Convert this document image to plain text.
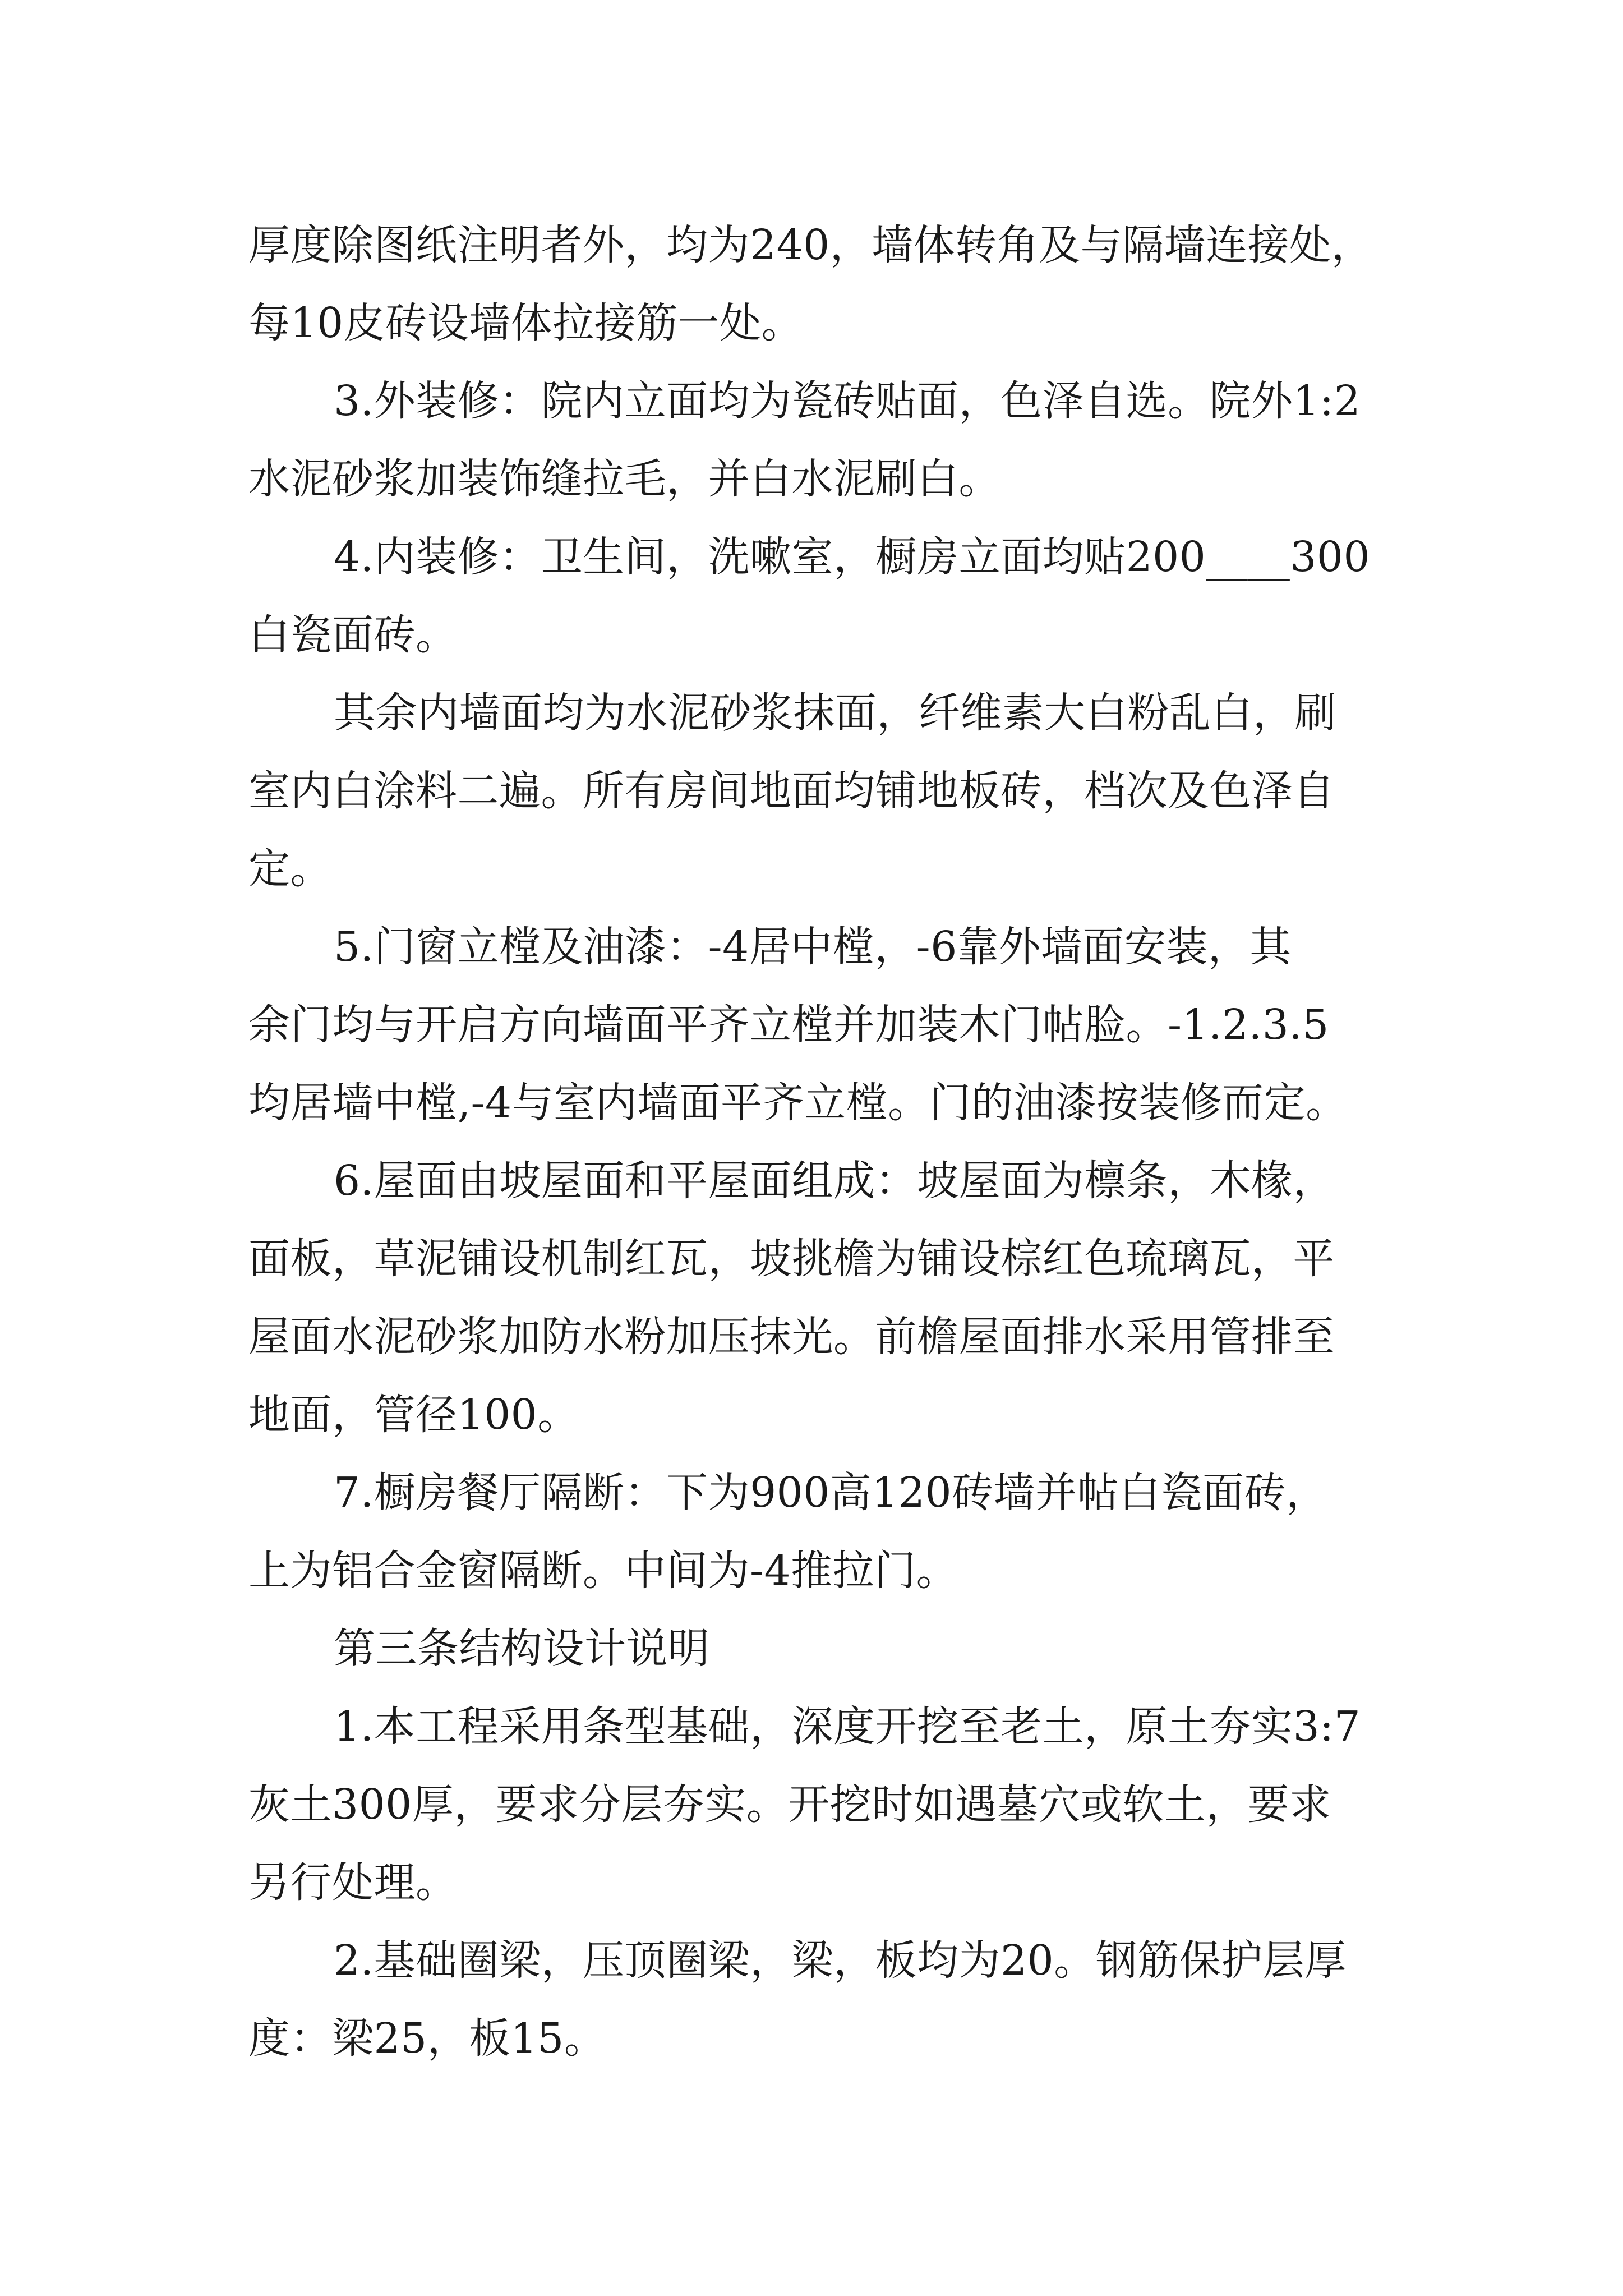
厚度除图纸注明者外，均为240，墙体转角及与隔墙连接处，
每10皮砖设墙体拉接筋一处。

3.外装修：院内立面均为瓷砖贴面，色泽自选。院外1:2
水泥砂浆加装饰缝拉毛，并白水泥刷白。

4.内装修：卫生间，洗嗽室，橱房立面均贴200____300
白瓷面砖。

其余内墙面均为水泥砂浆抹面，纤维素大白粉乱白，刷
室内白涂料二遍。所有房间地面均铺地板砖，档次及色泽自
定。

5.门窗立樘及油漆：-4居中樘，-6靠外墙面安装，其
余门均与开启方向墙面平齐立樘并加装木门帖脸。-1.2.3.5
均居墙中樘,-4与室内墙面平齐立樘。门的油漆按装修而定。

6.屋面由坡屋面和平屋面组成：坡屋面为檩条，木椽，
面板，草泥铺设机制红瓦，坡挑檐为铺设棕红色琉璃瓦，平
屋面水泥砂浆加防水粉加压抹光。前檐屋面排水采用管排至
地面，管径100。

7.橱房餐厅隔断：下为900高120砖墙并帖白瓷面砖，
上为铝合金窗隔断。中间为-4推拉门。

第三条结构设计说明

1.本工程采用条型基础，深度开挖至老土，原土夯实3:7
灰土300厚，要求分层夯实。开挖时如遇墓穴或软土，要求
另行处理。

2.基础圈梁，压顶圈梁，梁，板均为20。钢筋保护层厚
度：梁25，板15。
